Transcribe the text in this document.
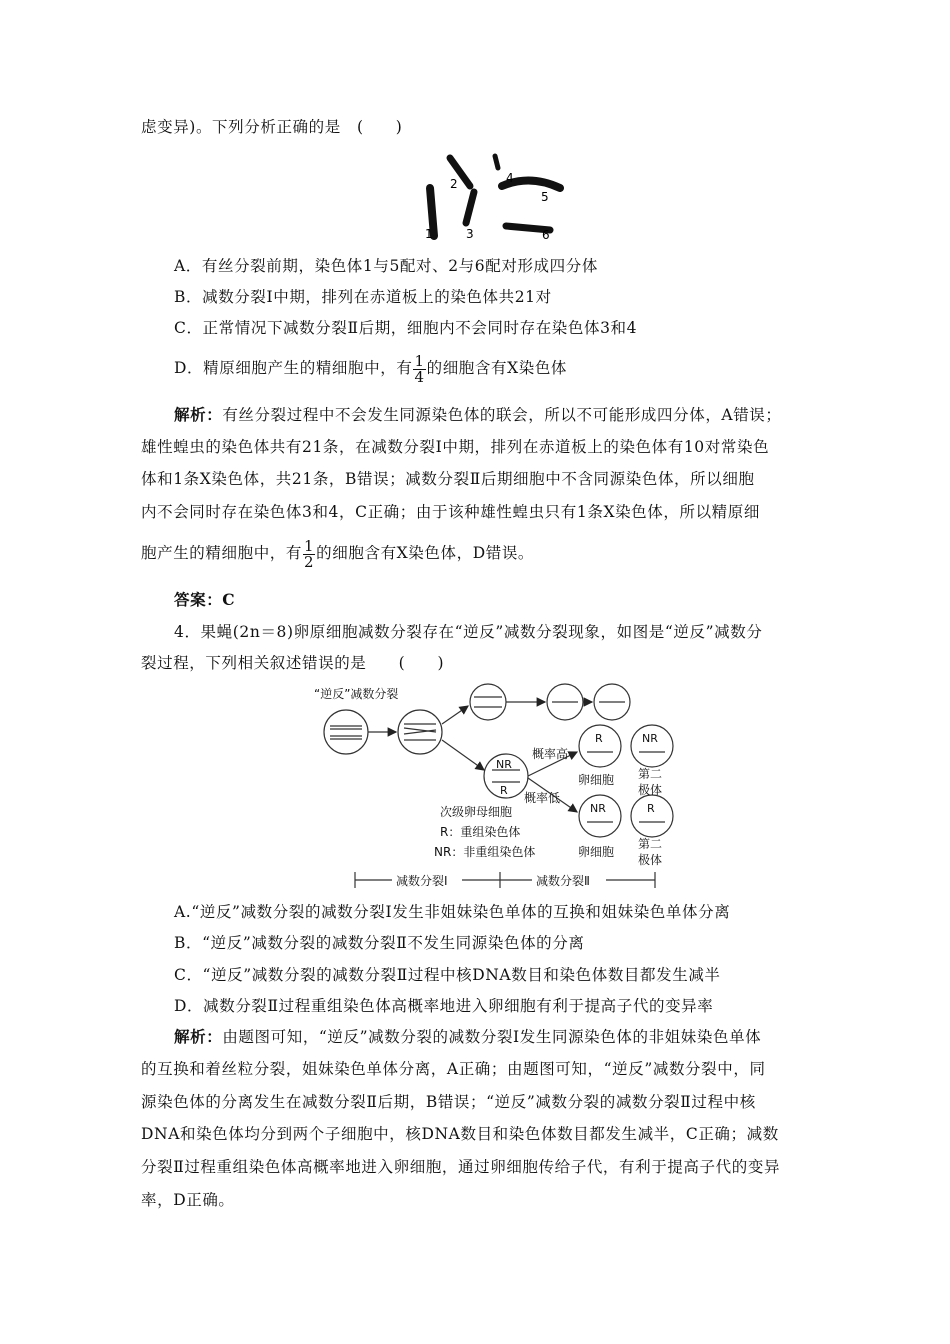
虑变异)。下列分析正确的是　(　　)
1
2
3
4
5
6
A．有丝分裂前期，染色体1与5配对、2与6配对形成四分体
B．减数分裂Ⅰ中期，排列在赤道板上的染色体共21对
C．正常情况下减数分裂Ⅱ后期，细胞内不会同时存在染色体3和4
D．精原细胞产生的精细胞中，有 $\frac{1}{4}$ 的细胞含有X染色体
解析：有丝分裂过程中不会发生同源染色体的联会，所以不可能形成四分体，A错误；
雄性蝗虫的染色体共有21条，在减数分裂Ⅰ中期，排列在赤道板上的染色体有10对常染色
体和1条X染色体，共21条，B错误；减数分裂Ⅱ后期细胞中不含同源染色体，所以细胞
内不会同时存在染色体3和4，C正确；由于该种雄性蝗虫只有1条X染色体，所以精原细
胞产生的精细胞中，有 $\frac{1}{2}$ 的细胞含有X染色体，D错误。
答案：C
4．果蝇(2n＝8)卵原细胞减数分裂存在“逆反”减数分裂现象，如图是“逆反”减数分
裂过程，下列相关叙述错误的是　　(　　)
“逆反”减数分裂
NR
R
R	NR
NR	R
概率高
概率低
卵细胞 第二
极体
卵细胞
第二
极体
次级卵母细胞
R：重组染色体
NR：非重组染色体
减数分裂Ⅰ	减数分裂Ⅱ
A.“逆反”减数分裂的减数分裂Ⅰ发生非姐妹染色单体的互换和姐妹染色单体分离
B．“逆反”减数分裂的减数分裂Ⅱ不发生同源染色体的分离
C．“逆反”减数分裂的减数分裂Ⅱ过程中核DNA数目和染色体数目都发生减半
D．减数分裂Ⅱ过程重组染色体高概率地进入卵细胞有利于提高子代的变异率
解析：由题图可知，“逆反”减数分裂的减数分裂Ⅰ发生同源染色体的非姐妹染色单体
的互换和着丝粒分裂，姐妹染色单体分离，A正确；由题图可知，“逆反”减数分裂中，同
源染色体的分离发生在减数分裂Ⅱ后期，B错误；“逆反”减数分裂的减数分裂Ⅱ过程中核
DNA和染色体均分到两个子细胞中，核DNA数目和染色体数目都发生减半，C正确；减数
分裂Ⅱ过程重组染色体高概率地进入卵细胞，通过卵细胞传给子代，有利于提高子代的变异
率，D正确。
